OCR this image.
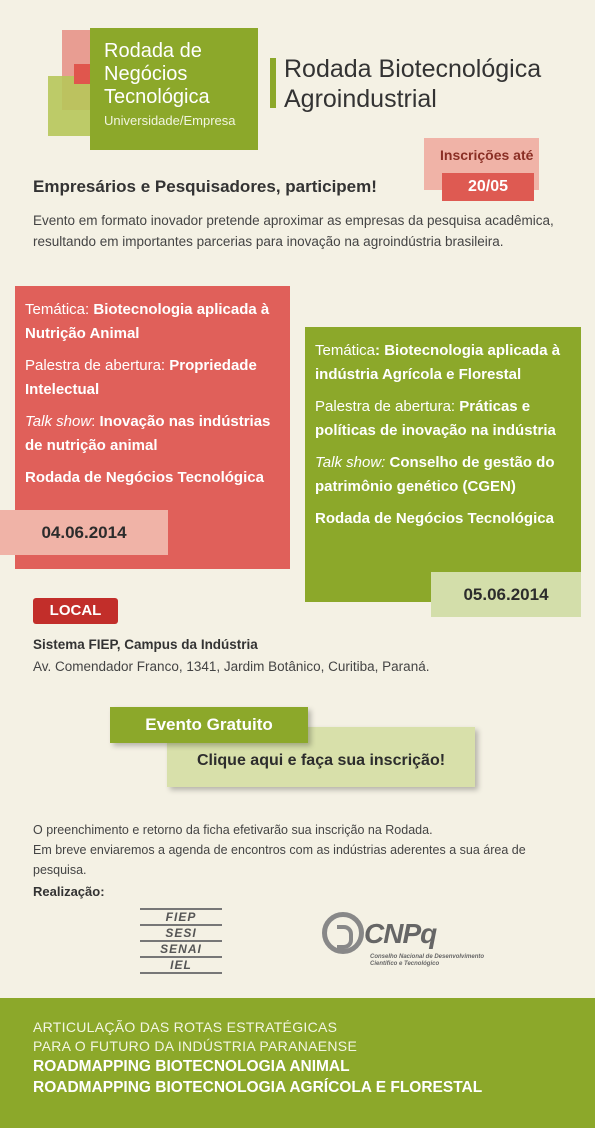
Rodada de
Negócios
Tecnológica
Universidade/Empresa
Rodada Biotecnológica
Agroindustrial
Inscrições até
20/05
Empresários e Pesquisadores, participem!
Evento em formato inovador pretende aproximar as empresas da pesquisa acadêmica, resultando em importantes parcerias para inovação na agroindústria brasileira.

Temática: Biotecnologia aplicada à Nutrição Animal

Palestra de abertura: Propriedade Intelectual

Talk show: Inovação nas indústrias de nutrição animal

Rodada de Negócios Tecnológica

04.06.2014

Temática: Biotecnologia aplicada à indústria Agrícola e Florestal

Palestra de abertura: Práticas e políticas de inovação na indústria

Talk show: Conselho de gestão do patrimônio genético (CGEN)

Rodada de Negócios Tecnológica

05.06.2014
LOCAL
Sistema FIEP, Campus da Indústria
Av. Comendador Franco, 1341, Jardim Botânico, Curitiba, Paraná.
Clique aqui e faça sua inscrição!
Evento Gratuito
O preenchimento e retorno da ficha efetivarão sua inscrição na Rodada.
Em breve enviaremos a agenda de encontros com as indústrias aderentes a sua área de pesquisa.
Realização:
FIEP
SESI
SENAI
IEL
CNPq
Conselho Nacional de Desenvolvimento Científico e Tecnológico
ARTICULAÇÃO DAS ROTAS ESTRATÉGICAS
PARA O FUTURO DA INDÚSTRIA PARANAENSE
ROADMAPPING BIOTECNOLOGIA ANIMAL
ROADMAPPING BIOTECNOLOGIA AGRÍCOLA E FLORESTAL
